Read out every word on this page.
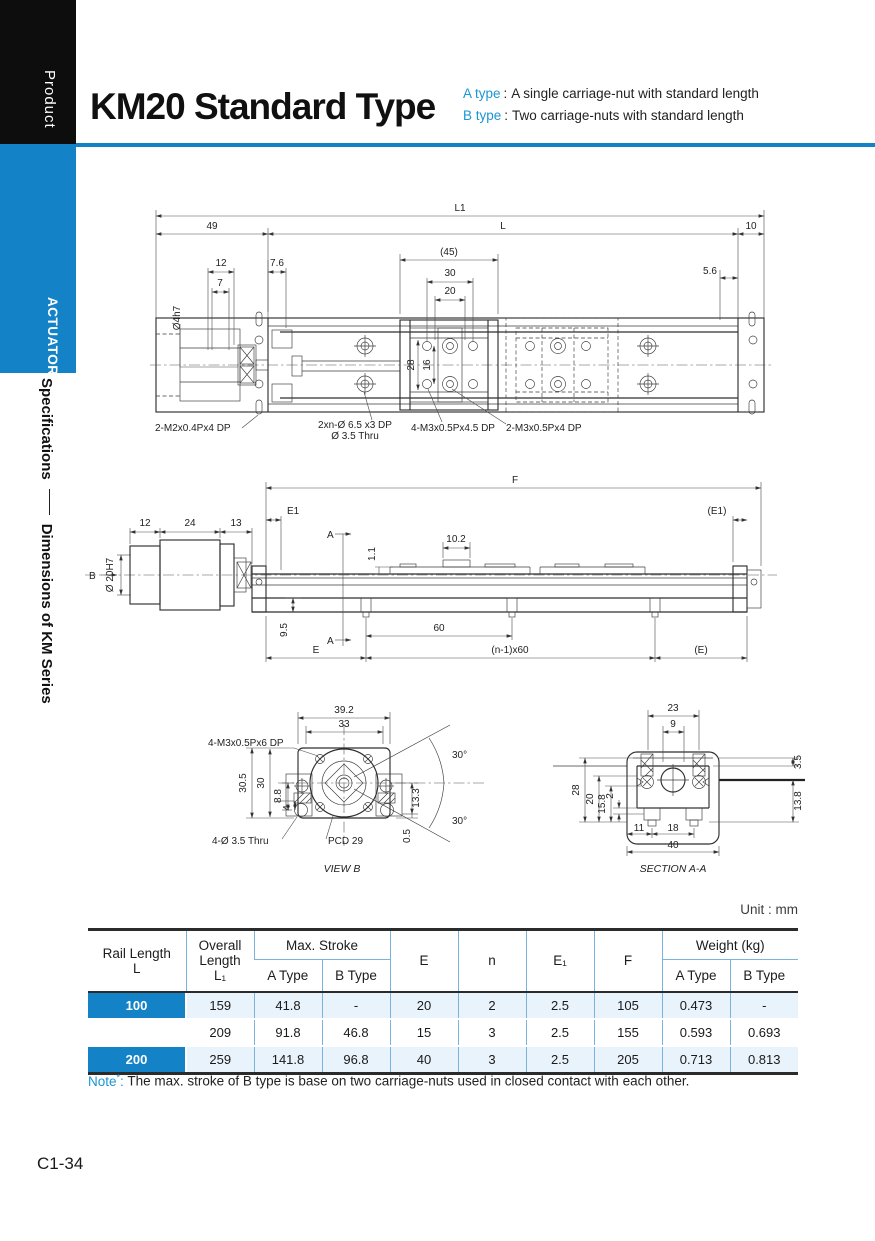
Product
ACTUATOR
SpecificationsDimensions of KM Series
KM20 Standard Type A type : A single carriage-nut with standard length
B type : Two carriage-nuts with standard length
L1
49	L	10
12
7
Ø4h7
7.6
(45)
30
20
5.6
28 16
2-M2x0.4Px4 DP	2xn-Ø 6.5 x3 DP
Ø 3.5 Thru
4-M3x0.5Px4.5 DP 2-M3x0.5Px4 DP
B
A
A
F
E1	(E1)
12	24	13
Ø 20H7
1.1
10.2
9.5	60
E	(n-1)x60	(E)
39.2
33
30.5 30
8.8
4
13.3
0.5
30°
30°
4-M3x0.5Px6 DP
4-Ø 3.5 Thru	PCD 29
VIEW B
23
9
28
20 15.8
2
3.5
13.8
11 18
40
SECTION A-A
Unit : mm
Rail Length
L

Overall
Length
L₁
	Max. Stroke	E	n	E₁	F	Weight (kg)
		A Type	B Type					A Type	B Type
100	159	41.8	-	20	2	2.5	105	0.473	-
150	209	91.8	46.8	15	3	2.5	155	0.593	0.693
200	259	141.8	96.8	40	3	2.5	205	0.713	0.813
Note*: The max. stroke of B type is base on two carriage-nuts used in closed contact with each other.
C1-34
